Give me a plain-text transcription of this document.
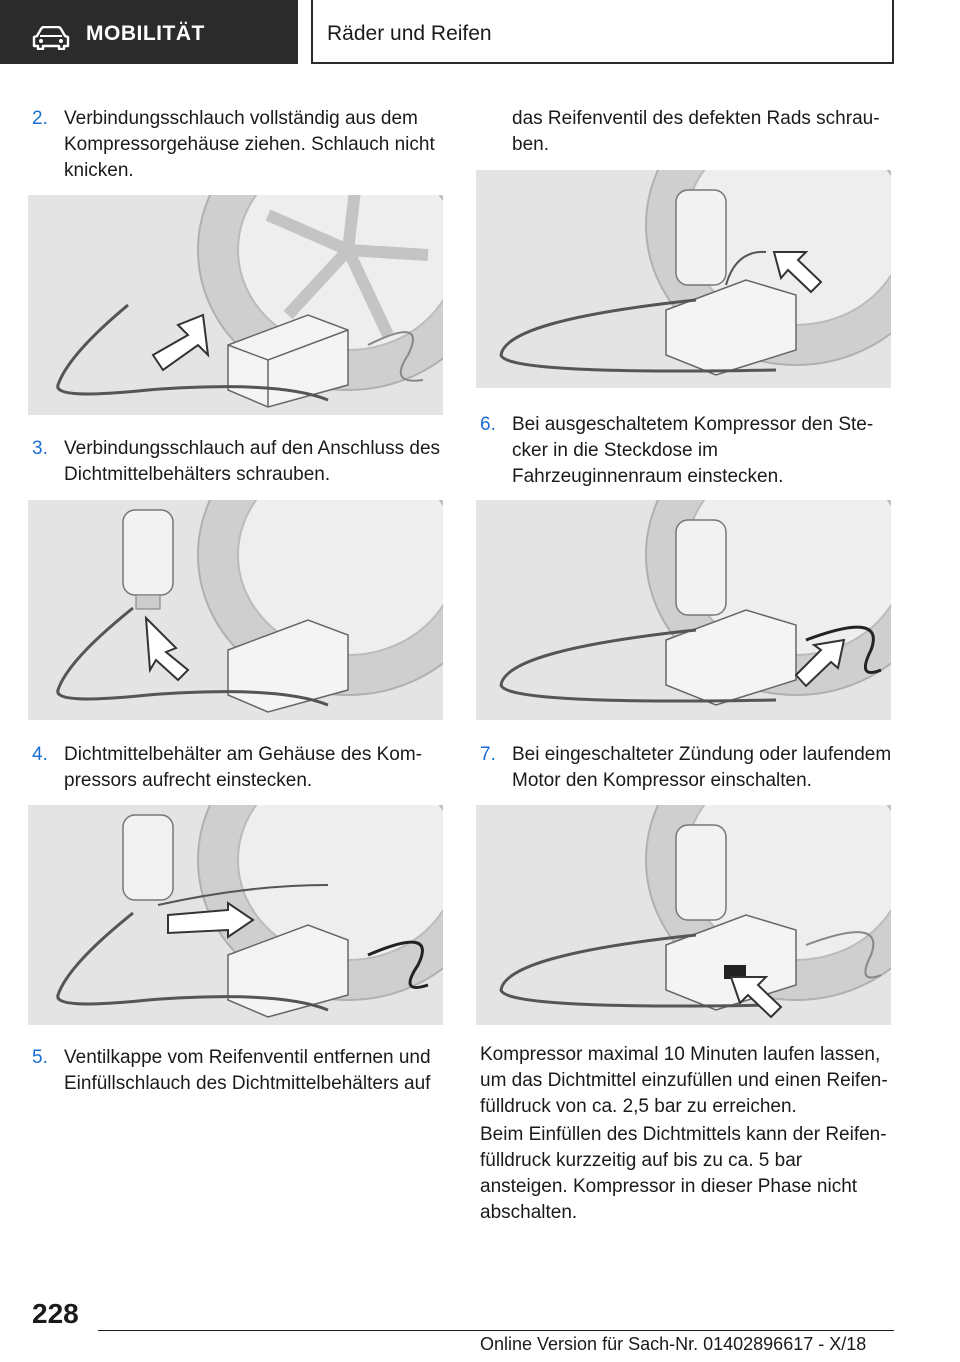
MOBILITÄT	Räder und Reifen
2. Verbindungsschlauch vollständig aus dem Kompressorgehäuse ziehen. Schlauch nicht knicken.
3. Verbindungsschlauch auf den Anschluss des Dichtmittelbehälters schrauben.
4. Dichtmittelbehälter am Gehäuse des Kom-pressors aufrecht einstecken.
5. Ventilkappe vom Reifenventil entfernen und Einfüllschlauch des Dichtmittelbehälters auf
das Reifenventil des defekten Rads schrau-ben.
6. Bei ausgeschaltetem Kompressor den Ste-cker in die Steckdose im Fahrzeuginnenraum einstecken.
7. Bei eingeschalteter Zündung oder laufendem Motor den Kompressor einschalten.
Kompressor maximal 10 Minuten laufen lassen, um das Dichtmittel einzufüllen und einen Reifen-fülldruck von ca. 2,5 bar zu erreichen.
Beim Einfüllen des Dichtmittels kann der Reifen-fülldruck kurzzeitig auf bis zu ca. 5 bar ansteigen. Kompressor in dieser Phase nicht abschalten.
228
Online Version für Sach-Nr. 01402896617 - X/18
